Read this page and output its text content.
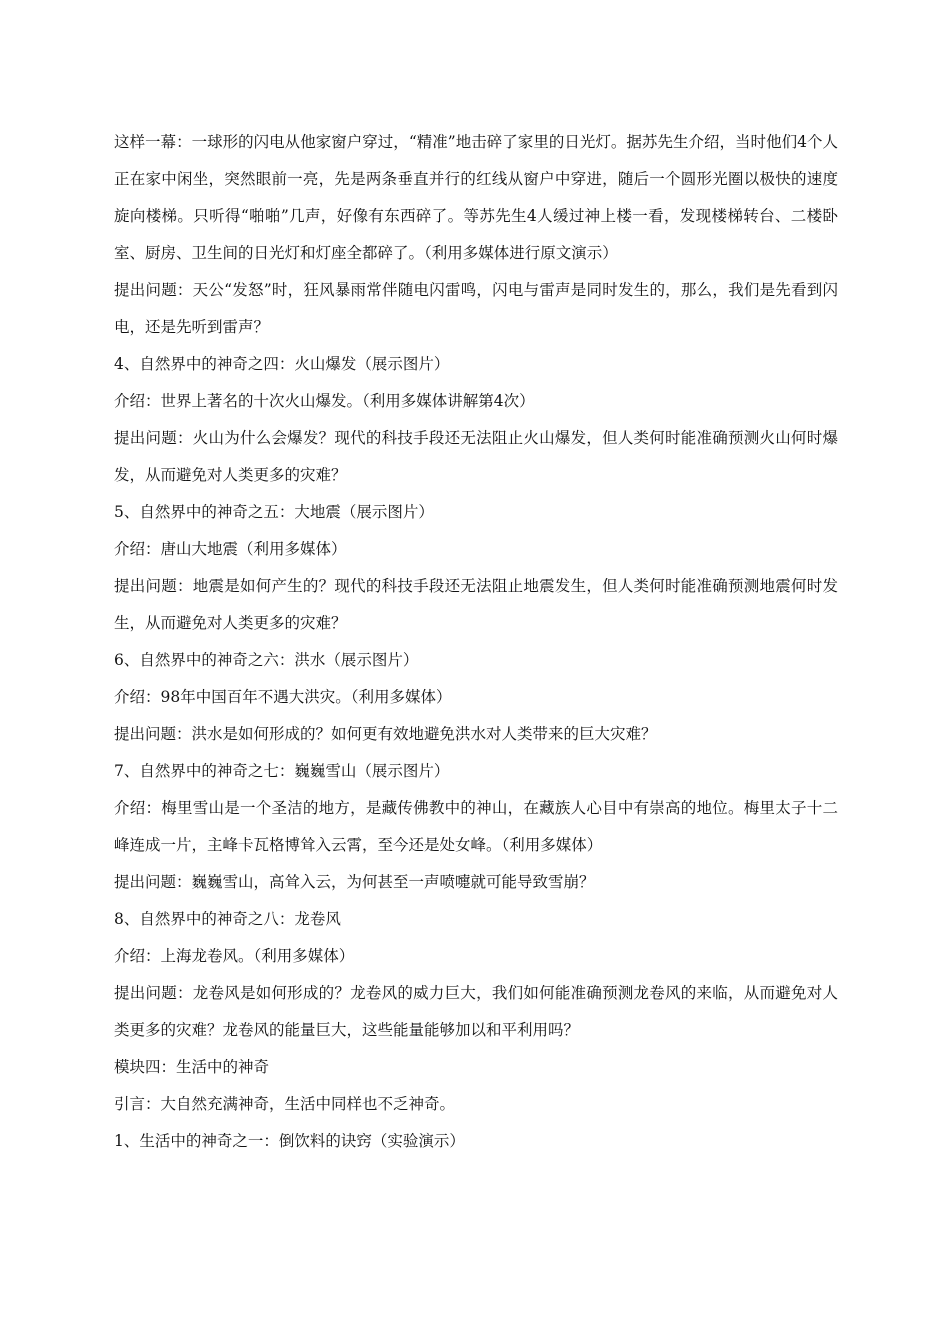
这样一幕：一球形的闪电从他家窗户穿过，“精准”地击碎了家里的日光灯。据苏先生介绍，当时他们4个人正在家中闲坐，突然眼前一亮，先是两条垂直并行的红线从窗户中穿进，随后一个圆形光圈以极快的速度旋向楼梯。只听得“啪啪”几声，好像有东西碎了。等苏先生4人缓过神上楼一看，发现楼梯转台、二楼卧室、厨房、卫生间的日光灯和灯座全都碎了。（利用多媒体进行原文演示）

提出问题：天公“发怒”时，狂风暴雨常伴随电闪雷鸣，闪电与雷声是同时发生的，那么，我们是先看到闪电，还是先听到雷声？

4、自然界中的神奇之四：火山爆发（展示图片）

介绍：世界上著名的十次火山爆发。（利用多媒体讲解第4次）

提出问题：火山为什么会爆发？现代的科技手段还无法阻止火山爆发，但人类何时能准确预测火山何时爆发，从而避免对人类更多的灾难？

5、自然界中的神奇之五：大地震（展示图片）

介绍：唐山大地震（利用多媒体）

提出问题：地震是如何产生的？现代的科技手段还无法阻止地震发生，但人类何时能准确预测地震何时发生，从而避免对人类更多的灾难？

6、自然界中的神奇之六：洪水（展示图片）

介绍：98年中国百年不遇大洪灾。（利用多媒体）

提出问题：洪水是如何形成的？如何更有效地避免洪水对人类带来的巨大灾难？

7、自然界中的神奇之七：巍巍雪山（展示图片）

介绍：梅里雪山是一个圣洁的地方，是藏传佛教中的神山，在藏族人心目中有崇高的地位。梅里太子十二峰连成一片，主峰卡瓦格博耸入云霄，至今还是处女峰。（利用多媒体）

提出问题：巍巍雪山，高耸入云，为何甚至一声喷嚏就可能导致雪崩？

8、自然界中的神奇之八：龙卷风

介绍：上海龙卷风。（利用多媒体）

提出问题：龙卷风是如何形成的？龙卷风的威力巨大，我们如何能准确预测龙卷风的来临，从而避免对人类更多的灾难？龙卷风的能量巨大，这些能量能够加以和平利用吗？

模块四：生活中的神奇

引言：大自然充满神奇，生活中同样也不乏神奇。

1、生活中的神奇之一：倒饮料的诀窍（实验演示）
